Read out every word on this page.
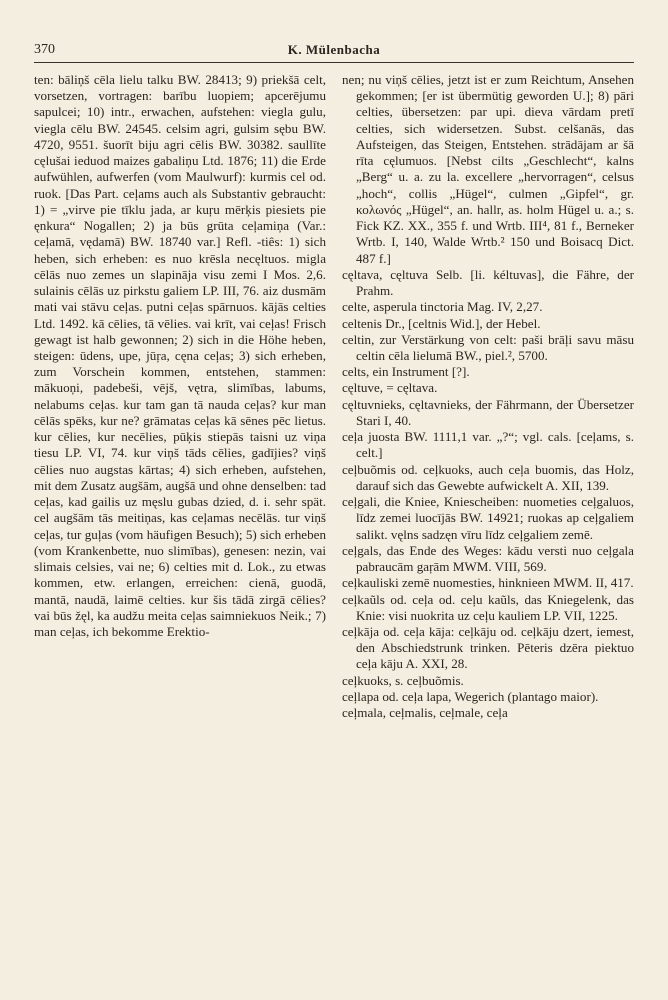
370	K. Mülenbacha

ten: bāliņš cēla lielu talku BW. 28413; 9) priekšā celt, vorsetzen, vortragen: barību luopiem; apcerējumu sapulcei; 10) intr., erwachen, aufstehen: viegla gulu, viegla cēlu BW. 24545. celsim agri, gulsim sębu BW. 4720, 9551. šuorīt biju agri cēlis BW. 30382. saullīte cęlušai ieduod maizes gabaliņu Ltd. 1876; 11) die Erde aufwühlen, aufwerfen (vom Maulwurf): kurmis cel od. ruok. [Das Part. ceļams auch als Substantiv gebraucht: 1) = „virve pie tīklu jada, ar kuŗu mērķis piesiets pie ęnkura“ Nogallen; 2) ja būs grūta ceļamiņa (Var.: ceļamā, vędamā) BW. 18740 var.] Refl. -tiês: 1) sich heben, sich erheben: es nuo krēsla necęltuos. migla cēlās nuo zemes un slapināja visu zemi I Mos. 2,6. sulainis cēlās uz pirkstu galiem LP. III, 76. aiz dusmām mati vai stāvu ceļas. putni ceļas spārnuos. kājās celties Ltd. 1492. kā cēlies, tā vēlies. vai krīt, vai ceļas! Frisch gewagt ist halb gewonnen; 2) sich in die Höhe heben, steigen: ūdens, upe, jūŗa, cęna ceļas; 3) sich erheben, zum Vorschein kommen, entstehen, stammen: mākuoņi, padebeši, vējš, vętra, slimības, labums, nelabums ceļas. kur tam gan tā nauda ceļas? kur man cēlās spēks, kur ne? grāmatas ceļas kā sēnes pēc lietus. kur cēlies, kur necēlies, pūķis stiepās taisni uz viņa tiesu LP. VI, 74. kur viņš tāds cēlies, gadījies? viņš cēlies nuo augstas kārtas; 4) sich erheben, aufstehen, mit dem Zusatz augšām, augšā und ohne denselben: tad ceļas, kad gailis uz męslu gubas dzied, d. i. sehr spät. cel augšām tās meitiņas, kas ceļamas necēlās. tur viņš ceļas, tur guļas (vom häufigen Besuch); 5) sich erheben (vom Krankenbette, nuo slimības), genesen: nezin, vai slimais celsies, vai ne; 6) celties mit d. Lok., zu etwas kommen, etw. erlangen, erreichen: cienā, guodā, mantā, naudā, laimē celties. kur šis tādā zirgā cēlies? vai būs žęl, ka audžu meita ceļas saimniekuos Neik.; 7) man ceļas, ich bekomme Erektio-

nen; nu viņš cēlies, jetzt ist er zum Reichtum, Ansehen gekommen; [er ist übermütig geworden U.]; 8) pāri celties, übersetzen: par upi. dieva vārdam pretī celties, sich widersetzen. Subst. celšanās, das Aufsteigen, das Steigen, Entstehen. strādājam ar šā rīta cęlumuos. [Nebst cilts „Geschlecht“, kalns „Berg“ u. a. zu la. excellere „hervorragen“, celsus „hoch“, collis „Hügel“, culmen „Gipfel“, gr. κολωνός „Hügel“, an. hallr, as. holm Hügel u. a.; s. Fick KZ. XX., 355 f. und Wrtb. III⁴, 81 f., Berneker Wrtb. I, 140, Walde Wrtb.² 150 und Boisacq Dict. 487 f.]

cęltava, cęltuva Selb. [li. kéltuvas], die Fähre, der Prahm.

celte, asperula tinctoria Mag. IV, 2,27.

celtenis Dr., [celtnis Wid.], der Hebel.

celtin, zur Verstärkung von celt: paši brāļi savu māsu celtin cēla lielumā BW., piel.², 5700.

celts, ein Instrument [?].

cęltuve, = cęltava.

cęltuvnieks, cęltavnieks, der Fährmann, der Übersetzer Stari I, 40.

ceļa juosta BW. 1111,1 var. „?“; vgl. cals. [ceļams, s. celt.]

ceļbuõmis od. ceļkuoks, auch ceļa buomis, das Holz, darauf sich das Gewebte aufwickelt A. XII, 139.

ceļgali, die Kniee, Kniescheiben: nuometies ceļgaluos, līdz zemei luocījās BW. 14921; ruokas ap ceļgaliem salikt. vęlns sadzęn vīru līdz ceļgaliem zemē.

ceļgals, das Ende des Weges: kādu versti nuo ceļgala pabraucām gaŗām MWM. VIII, 569.

ceļkauliski zemē nuomesties, hinknieen MWM. II, 417.

ceļkaũls od. ceļa od. ceļu kaũls, das Kniegelenk, das Knie: visi nuokrita uz ceļu kauliem LP. VII, 1225.

ceļkāja od. ceļa kāja: ceļkāju od. ceļkāju dzert, iemest, den Abschiedstrunk trinken. Pēteris dzēra piektuo ceļa kāju A. XXI, 28.

ceļkuoks, s. ceļbuõmis.

ceļlapa od. ceļa lapa, Wegerich (plantago maior).

ceļmala, ceļmalis, ceļmale, ceļa
